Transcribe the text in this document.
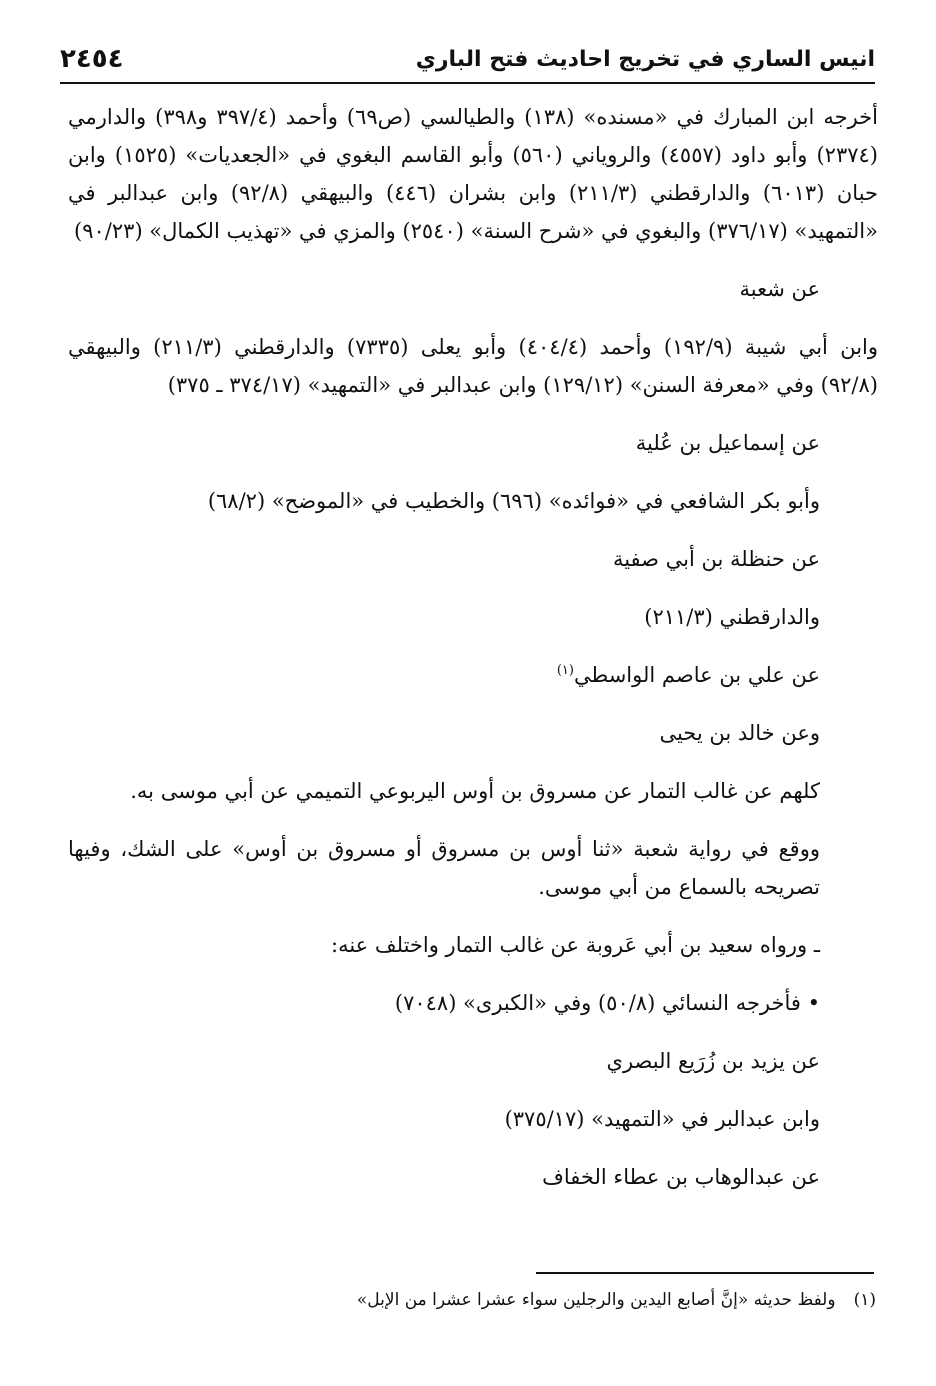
انيس الساري في تخريج احاديث فتح الباري
٢٤٥٤

أخرجه ابن المبارك في «مسنده» (١٣٨) والطيالسي (ص٦٩) وأحمد (٣٩٧/٤ و٣٩٨) والدارمي (٢٣٧٤) وأبو داود (٤٥٥٧) والروياني (٥٦٠) وأبو القاسم البغوي في «الجعديات» (١٥٢٥) وابن حبان (٦٠١٣) والدارقطني (٢١١/٣) وابن بشران (٤٤٦) والبيهقي (٩٢/٨) وابن عبدالبر في «التمهيد» (٣٧٦/١٧) والبغوي في «شرح السنة» (٢٥٤٠) والمزي في «تهذيب الكمال» (٩٠/٢٣)

عن شعبة

وابن أبي شيبة (١٩٢/٩) وأحمد (٤٠٤/٤) وأبو يعلى (٧٣٣٥) والدارقطني (٢١١/٣) والبيهقي (٩٢/٨) وفي «معرفة السنن» (١٢٩/١٢) وابن عبدالبر في «التمهيد» (٣٧٤/١٧ ـ ٣٧٥)

عن إسماعيل بن عُلية
وأبو بكر الشافعي في «فوائده» (٦٩٦) والخطيب في «الموضح» (٦٨/٢)
عن حنظلة بن أبي صفية
والدارقطني (٢١١/٣)
عن علي بن عاصم الواسطي$^{(١)}$
وعن خالد بن يحيى
كلهم عن غالب التمار عن مسروق بن أوس اليربوعي التميمي عن أبي موسى به.

ووقع في رواية شعبة «ثنا أوس بن مسروق أو مسروق بن أوس» على الشك، وفيها تصريحه بالسماع من أبي موسى.

ـ ورواه سعيد بن أبي عَروبة عن غالب التمار واختلف عنه:
• فأخرجه النسائي (٥٠/٨) وفي «الكبرى» (٧٠٤٨)
عن يزيد بن زُرَيع البصري
وابن عبدالبر في «التمهيد» (٣٧٥/١٧)
عن عبدالوهاب بن عطاء الخفاف
(١)ولفظ حديثه «إنَّ أصابع اليدين والرجلين سواء عشرا عشرا من الإبل»
